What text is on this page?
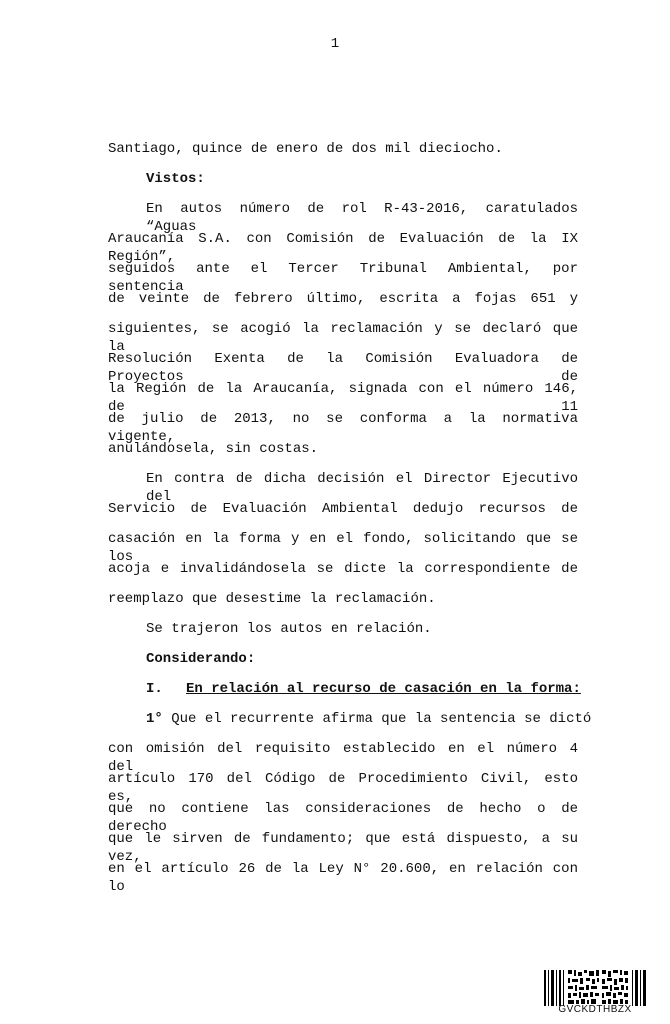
1
Santiago, quince de enero de dos mil dieciocho.
Vistos:
En autos número de rol R-43-2016, caratulados “Aguas
Araucanía S.A. con Comisión de Evaluación de la IX Región”,
seguidos ante el Tercer Tribunal Ambiental, por sentencia
de veinte de febrero último, escrita a fojas 651 y
siguientes, se acogió la reclamación y se declaró que la
Resolución Exenta de la Comisión Evaluadora de Proyectos de
la Región de la Araucanía, signada con el número 146, de 11
de julio de 2013, no se conforma a la normativa vigente,
anulándosela, sin costas.
En contra de dicha decisión el Director Ejecutivo del
Servicio de Evaluación Ambiental dedujo recursos de
casación en la forma y en el fondo, solicitando que se los
acoja e invalidándosela se dicte la correspondiente de
reemplazo que desestime la reclamación.
Se trajeron los autos en relación.
Considerando:
I. En relación al recurso de casación en la forma:
1° Que el recurrente afirma que la sentencia se dictó
con omisión del requisito establecido en el número 4 del
artículo 170 del Código de Procedimiento Civil, esto es,
que no contiene las consideraciones de hecho o de derecho
que le sirven de fundamento; que está dispuesto, a su vez,
en el artículo 26 de la Ley N° 20.600, en relación con lo
GVCKDTHBZX
